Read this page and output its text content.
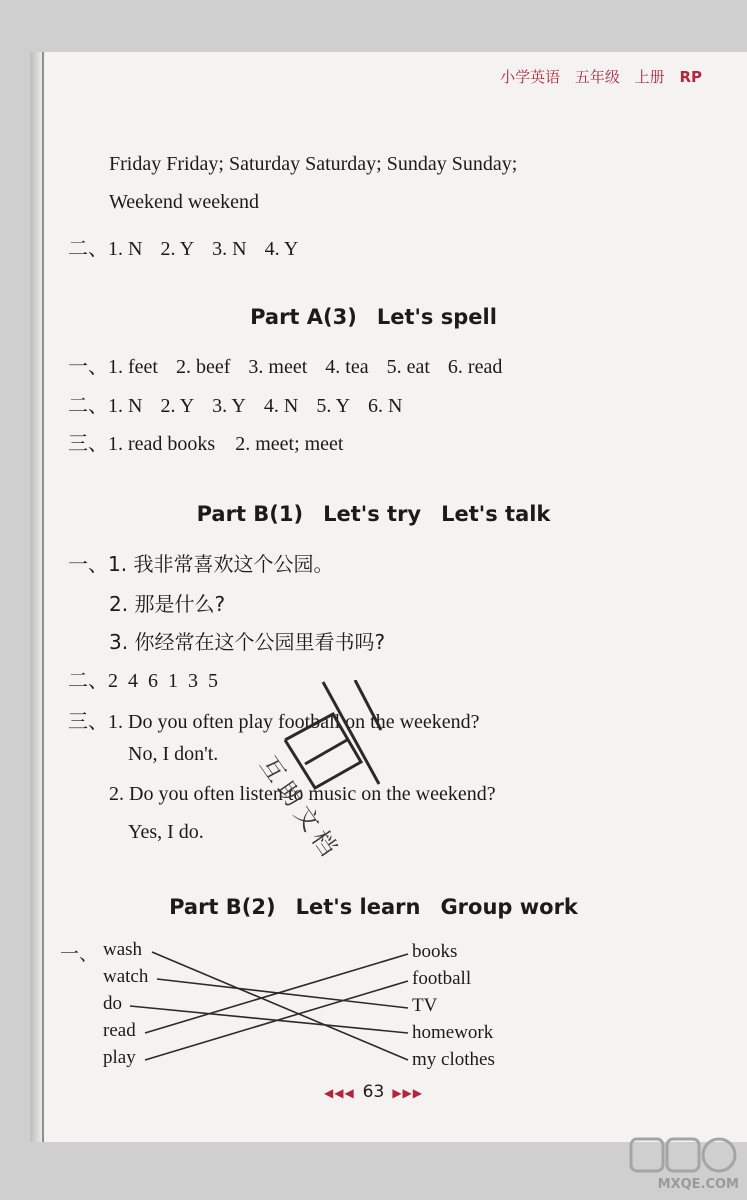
小学英语 五年级 上册 RP
Friday Friday; Saturday Saturday; Sunday Sunday;
Weekend weekend
二、1. N 2. Y 3. N 4. Y
Part A(3) Let's spell
一、1. feet 2. beef 3. meet 4. tea 5. eat 6. read
二、1. N 2. Y 3. Y 4. N 5. Y 6. N
三、1. read books    2. meet; meet
Part B(1) Let's try Let's talk
一、1. 我非常喜欢这个公园。
2. 那是什么?
3. 你经常在这个公园里看书吗?
二、2  4  6  1  3  5
三、1. Do you often play football on the weekend?
No, I don't.
2. Do you often listen to music on the weekend?
Yes, I do. 互助文档
Part B(2) Let's learn Group work
一、 wash
watch
do
read
play
books
football
TV
homework
my clothes
◀◀◀ 63 ▶▶▶
MXQE.COM
